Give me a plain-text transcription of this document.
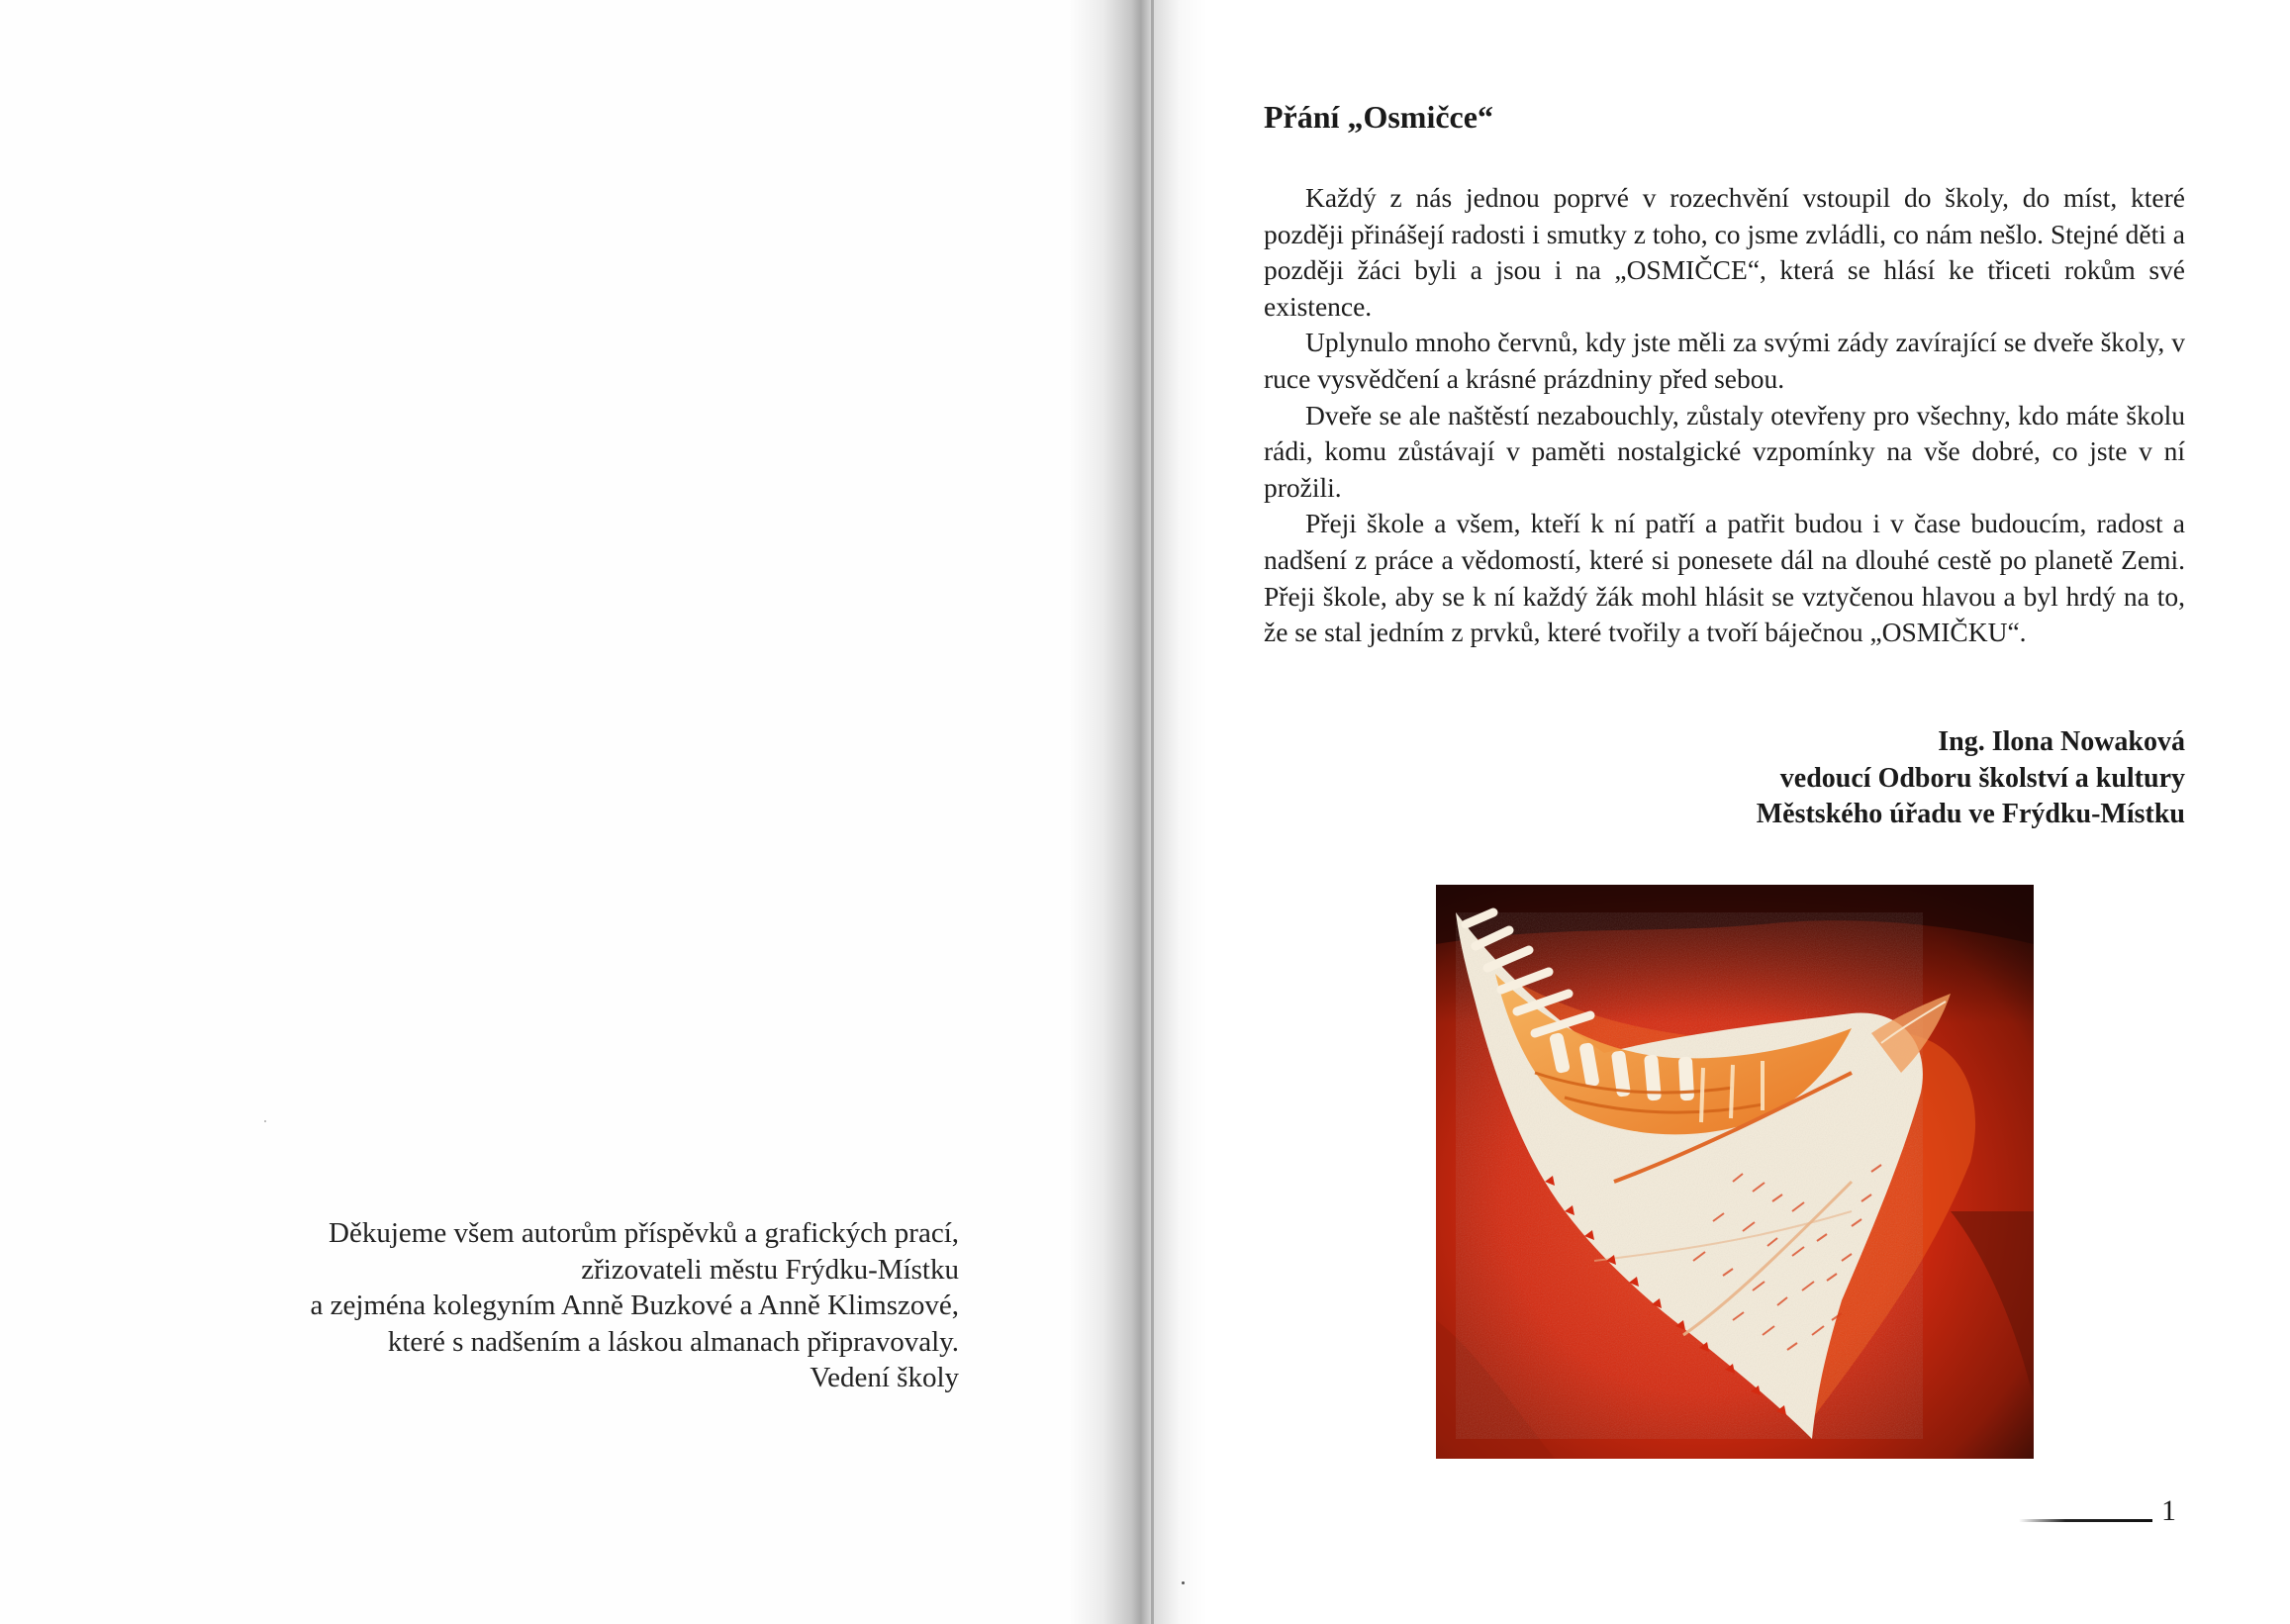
Děkujeme všem autorům příspěvků a grafických prací,
zřizovateli městu Frýdku-Místku
a zejména kolegyním Anně Buzkové a Anně Klimszové,
které s nadšením a láskou almanach připravovaly.
Vedení školy
Přání „Osmičce“

Každý z nás jednou poprvé v rozechvění vstoupil do školy, do míst, které později přinášejí radosti i smutky z toho, co jsme zvládli, co nám nešlo. Stejné děti a později žáci byli a jsou i na „OSMIČCE“, která se hlásí ke třiceti rokům své existence.

Uplynulo mnoho červnů, kdy jste měli za svými zády zavírající se dveře školy, v ruce vysvědčení a krásné prázdniny před sebou.

Dveře se ale naštěstí nezabouchly, zůstaly otevřeny pro všechny, kdo máte školu rádi, komu zůstávají v paměti nostalgické vzpomínky na vše dobré, co jste v ní prožili.

Přeji škole a všem, kteří k ní patří a patřit budou i v čase budoucím, radost a nadšení z práce a vědomostí, které si ponesete dál na dlouhé cestě po planetě Zemi. Přeji škole, aby se k ní každý žák mohl hlásit se vztyčenou hlavou a byl hrdý na to, že se stal jedním z prvků, které tvořily a tvoří báječnou „OSMIČKU“.

Ing. Ilona Nowaková
vedoucí Odboru školství a kultury
Městského úřadu ve Frýdku-Místku
1
